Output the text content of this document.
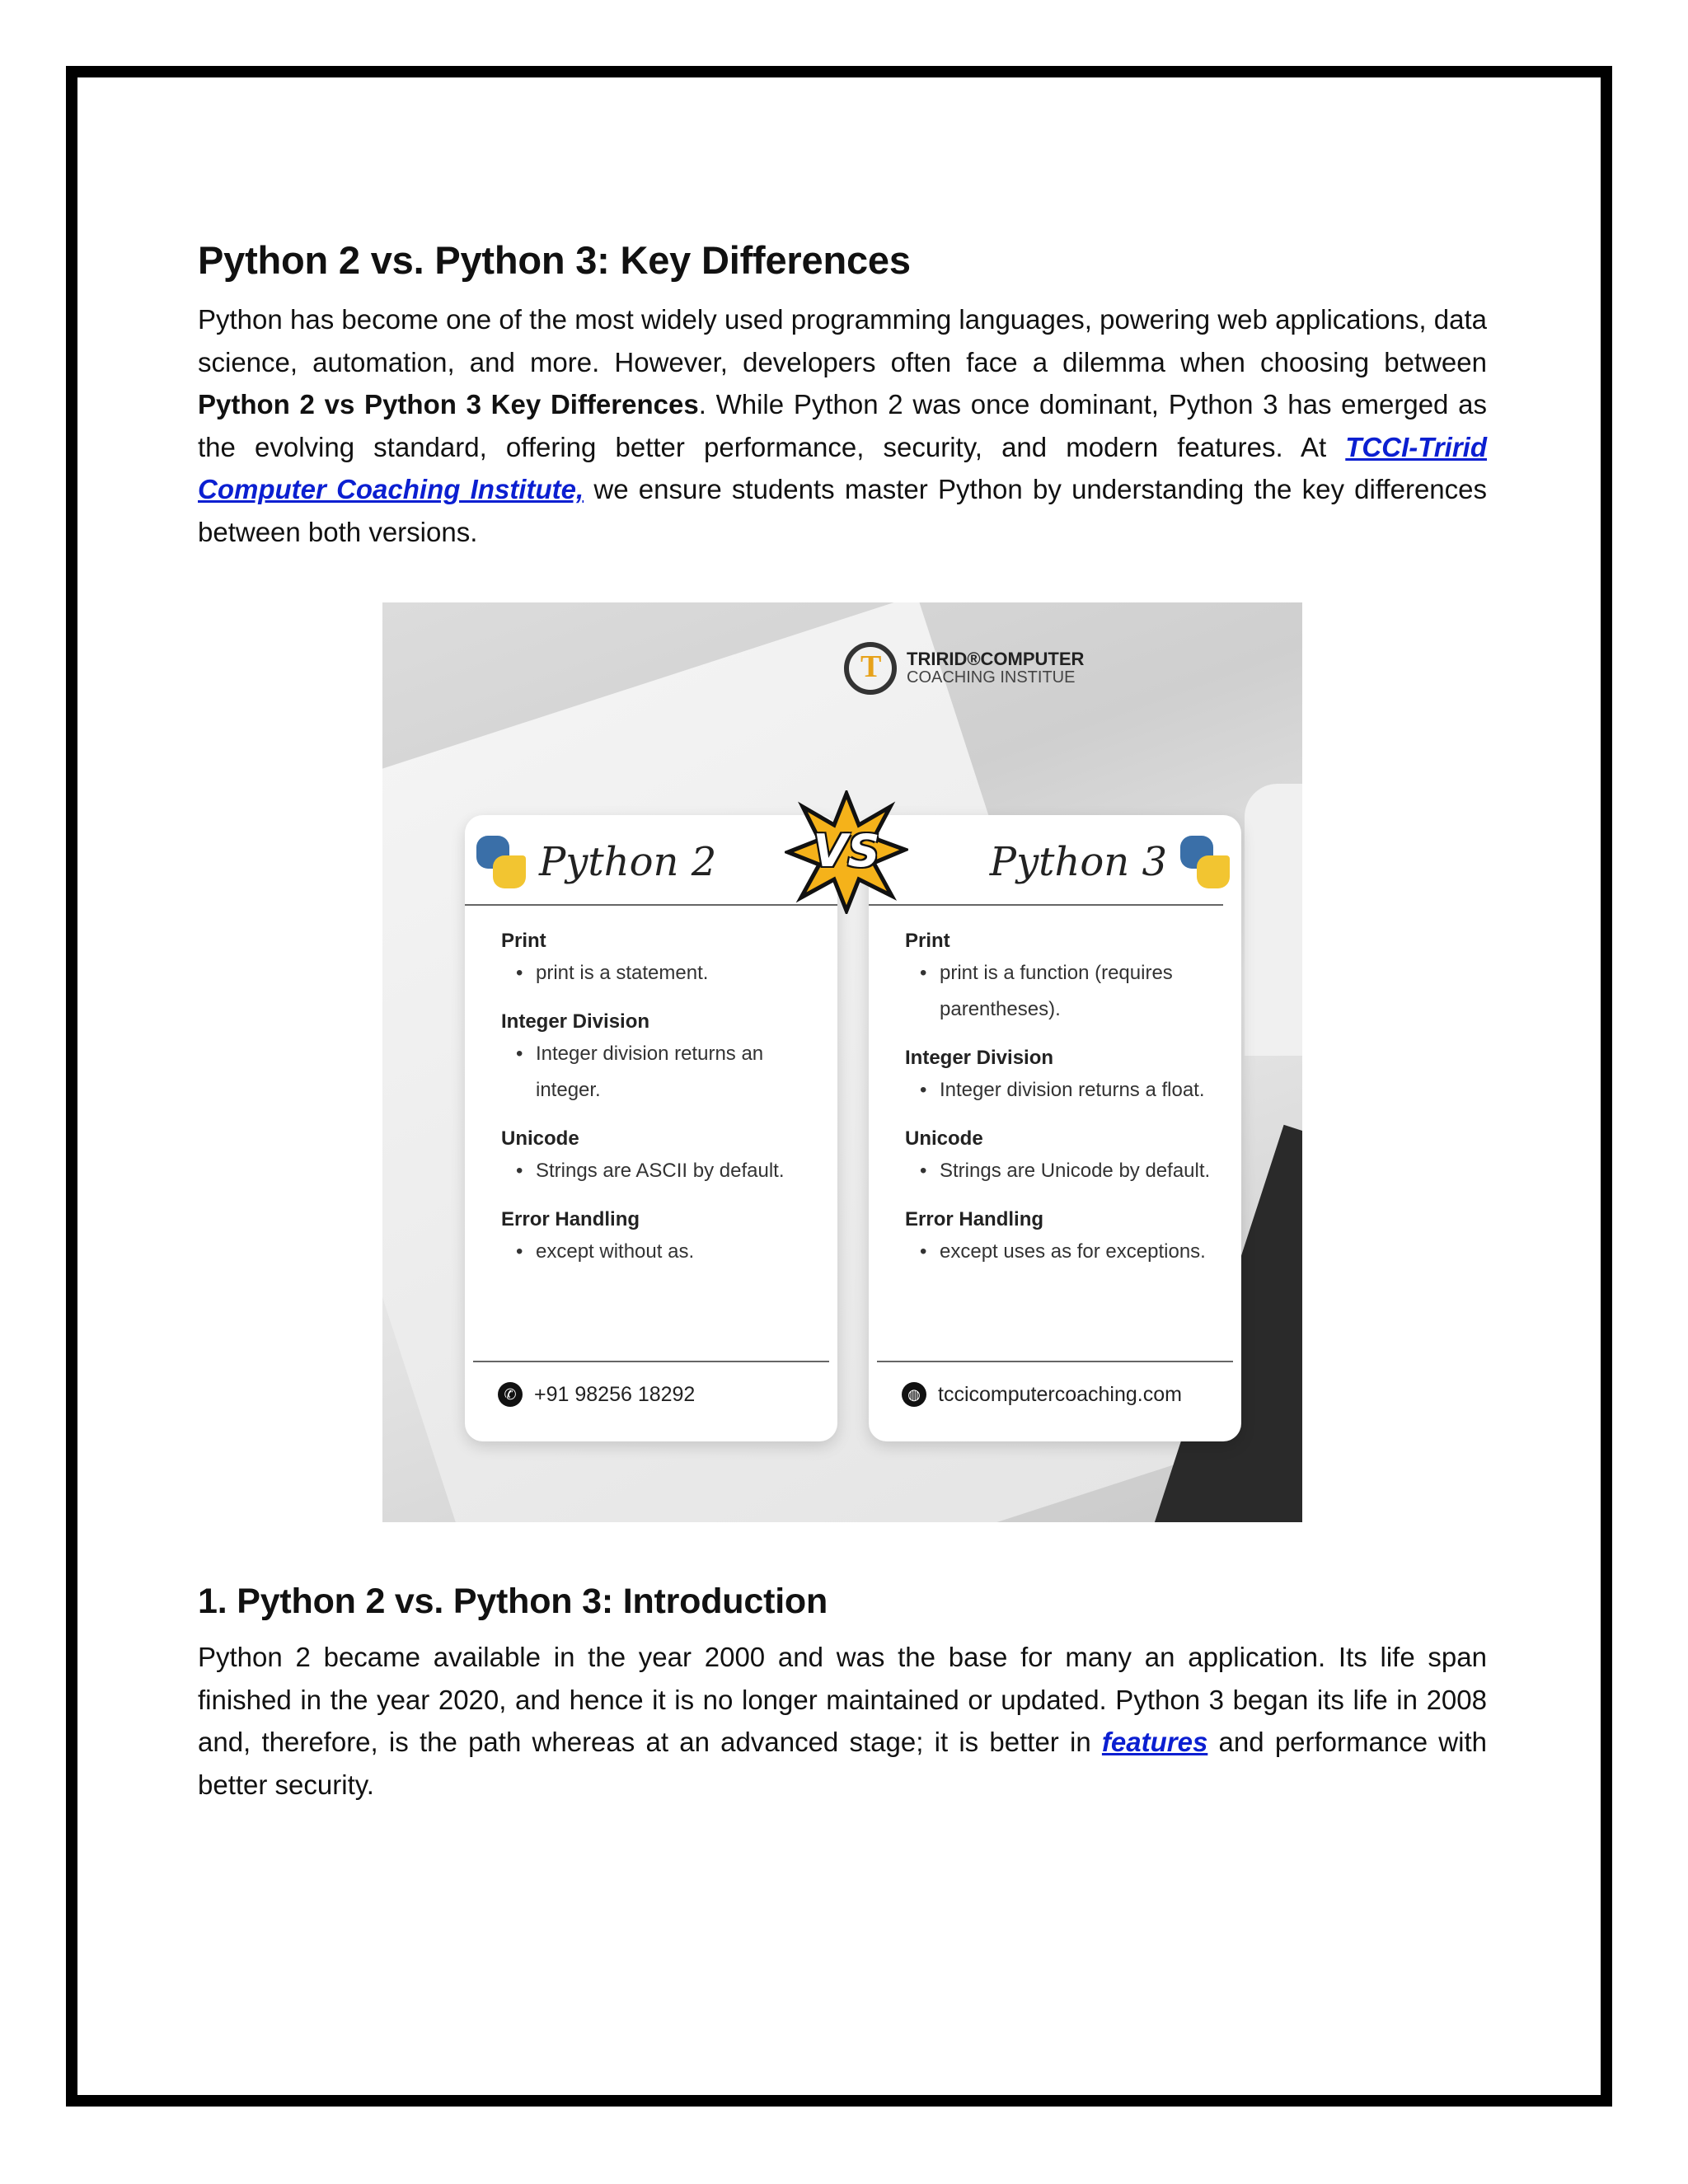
Python 2 vs. Python 3: Key Differences

Python has become one of the most widely used programming languages, powering web applications, data science, automation, and more. However, developers often face a dilemma when choosing between Python 2 vs Python 3 Key Differences. While Python 2 was once dominant, Python 3 has emerged as the evolving standard, offering better performance, security, and modern features. At TCCI-Tririd Computer Coaching Institute, we ensure students master Python by understanding the key differences between both versions.

T
TRIRID®COMPUTER
COACHING INSTITUE
Python 2
Print
• print is a statement.
Integer Division
• Integer division returns an integer.
Unicode
• Strings are ASCII by default.
Error Handling
• except without as.
✆ +91 98256 18292
Python 3
Print
• print is a function (requires parentheses).
Integer Division
• Integer division returns a float.
Unicode
• Strings are Unicode by default.
Error Handling
• except uses as for exceptions.
◍ tccicomputercoaching.com
VS
1. Python 2 vs. Python 3: Introduction

Python 2 became available in the year 2000 and was the base for many an application. Its life span finished in the year 2020, and hence it is no longer maintained or updated. Python 3 began its life in 2008 and, therefore, is the path whereas at an advanced stage; it is better in features and performance with better security.
